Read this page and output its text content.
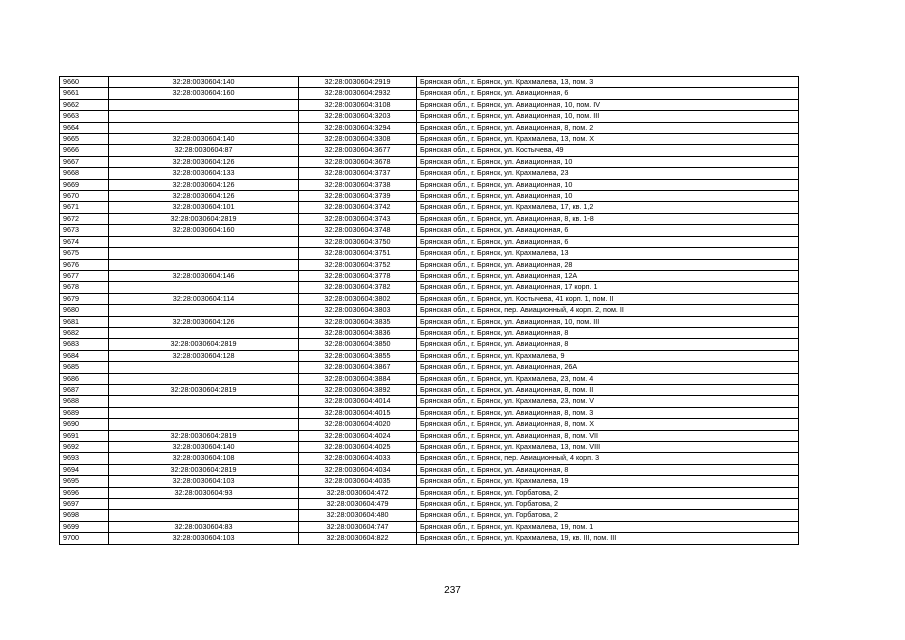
9660	32:28:0030604:140	32:28:0030604:2919	Брянская обл., г. Брянск, ул. Крахмалева, 13, пом. 3
9661	32:28:0030604:160	32:28:0030604:2932	Брянская обл., г. Брянск, ул. Авиационная, 6
9662		32:28:0030604:3108	Брянская обл., г. Брянск, ул. Авиационная, 10, пом. IV
9663		32:28:0030604:3203	Брянская обл., г. Брянск, ул. Авиационная, 10, пом. III
9664		32:28:0030604:3294	Брянская обл., г. Брянск, ул. Авиационная, 8, пом. 2
9665	32:28:0030604:140	32:28:0030604:3308	Брянская обл., г. Брянск, ул. Крахмалева, 13, пом. X
9666	32:28:0030604:87	32:28:0030604:3677	Брянская обл., г. Брянск, ул. Костычева, 49
9667	32:28:0030604:126	32:28:0030604:3678	Брянская обл., г. Брянск, ул. Авиационная, 10
9668	32:28:0030604:133	32:28:0030604:3737	Брянская обл., г. Брянск, ул. Крахмалева, 23
9669	32:28:0030604:126	32:28:0030604:3738	Брянская обл., г. Брянск, ул. Авиационная, 10
9670	32:28:0030604:126	32:28:0030604:3739	Брянская обл., г. Брянск, ул. Авиационная, 10
9671	32:28:0030604:101	32:28:0030604:3742	Брянская обл., г. Брянск, ул. Крахмалева, 17, кв. 1,2
9672	32:28:0030604:2819	32:28:0030604:3743	Брянская обл., г. Брянск, ул. Авиационная, 8, кв. 1-8
9673	32:28:0030604:160	32:28:0030604:3748	Брянская обл., г. Брянск, ул. Авиационная, 6
9674		32:28:0030604:3750	Брянская обл., г. Брянск, ул. Авиационная, 6
9675		32:28:0030604:3751	Брянская обл., г. Брянск, ул. Крахмалева, 13
9676		32:28:0030604:3752	Брянская обл., г. Брянск, ул. Авиационная, 28
9677	32:28:0030604:146	32:28:0030604:3778	Брянская обл., г. Брянск, ул. Авиационная, 12А
9678		32:28:0030604:3782	Брянская обл., г. Брянск, ул. Авиационная, 17 корп. 1
9679	32:28:0030604:114	32:28:0030604:3802	Брянская обл., г. Брянск, ул. Костычева, 41 корп. 1, пом. II
9680		32:28:0030604:3803	Брянская обл., г. Брянск, пер. Авиационный, 4 корп. 2, пом. II
9681	32:28:0030604:126	32:28:0030604:3835	Брянская обл., г. Брянск, ул. Авиационная, 10, пом. III
9682		32:28:0030604:3836	Брянская обл., г. Брянск, ул. Авиационная, 8
9683	32:28:0030604:2819	32:28:0030604:3850	Брянская обл., г. Брянск, ул. Авиационная, 8
9684	32:28:0030604:128	32:28:0030604:3855	Брянская обл., г. Брянск, ул. Крахмалева, 9
9685		32:28:0030604:3867	Брянская обл., г. Брянск, ул. Авиационная, 26А
9686		32:28:0030604:3884	Брянская обл., г. Брянск, ул. Крахмалева, 23, пом. 4
9687	32:28:0030604:2819	32:28:0030604:3892	Брянская обл., г. Брянск, ул. Авиационная, 8, пом. II
9688		32:28:0030604:4014	Брянская обл., г. Брянск, ул. Крахмалева, 23, пом. V
9689		32:28:0030604:4015	Брянская обл., г. Брянск, ул. Авиационная, 8, пом. 3
9690		32:28:0030604:4020	Брянская обл., г. Брянск, ул. Авиационная, 8, пом. X
9691	32:28:0030604:2819	32:28:0030604:4024	Брянская обл., г. Брянск, ул. Авиационная, 8, пом. VII
9692	32:28:0030604:140	32:28:0030604:4025	Брянская обл., г. Брянск, ул. Крахмалева, 13, пом. VIII
9693	32:28:0030604:108	32:28:0030604:4033	Брянская обл., г. Брянск, пер. Авиационный, 4 корп. 3
9694	32:28:0030604:2819	32:28:0030604:4034	Брянская обл., г. Брянск, ул. Авиационная, 8
9695	32:28:0030604:103	32:28:0030604:4035	Брянская обл., г. Брянск, ул. Крахмалева, 19
9696	32:28:0030604:93	32:28:0030604:472	Брянская обл., г. Брянск, ул. Горбатова, 2
9697		32:28:0030604:479	Брянская обл., г. Брянск, ул. Горбатова, 2
9698		32:28:0030604:480	Брянская обл., г. Брянск, ул. Горбатова, 2
9699	32:28:0030604:83	32:28:0030604:747	Брянская обл., г. Брянск, ул. Крахмалева, 19, пом. 1
9700	32:28:0030604:103	32:28:0030604:822	Брянская обл., г. Брянск, ул. Крахмалева, 19, кв. III, пом. III
237
